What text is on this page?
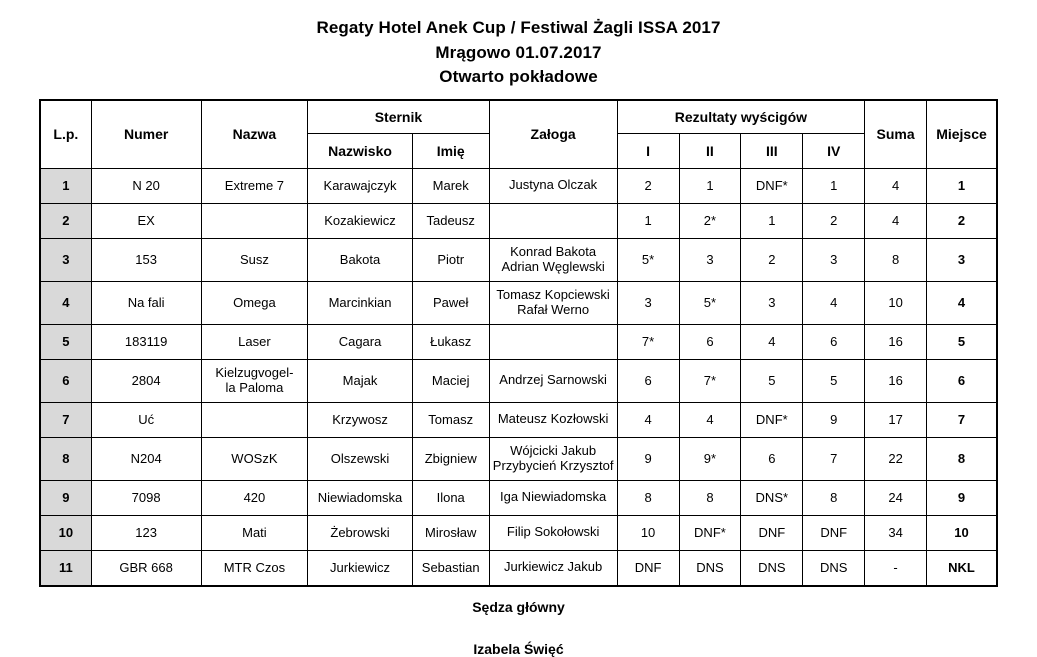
Regaty Hotel Anek Cup / Festiwal Żagli ISSA 2017
Mrągowo 01.07.2017
Otwarto pokładowe
L.p.	Numer	Nazwa	Sternik		Załoga	Rezultaty wyścigów				Suma	Miejsce
			Nazwisko	Imię		I	II	III	IV		
1	N 20	Extreme 7	Karawajczyk	Marek	Justyna Olczak	2	1	DNF*	1	4	1
2	EX		Kozakiewicz	Tadeusz		1	2*	1	2	4	2
3	153	Susz	Bakota	Piotr	Konrad Bakota
Adrian Węglewski	5*	3	2	3	8	3
4	Na fali	Omega	Marcinkian	Paweł	Tomasz Kopciewski
Rafał Werno	3	5*	3	4	10	4
5	183119	Laser	Cagara	Łukasz		7*	6	4	6	16	5
6	2804	Kielzugvogel-
la Paloma	Majak	Maciej	Andrzej Sarnowski	6	7*	5	5	16	6
7	Uć		Krzywosz	Tomasz	Mateusz Kozłowski	4	4	DNF*	9	17	7
8	N204	WOSzK	Olszewski	Zbigniew	Wójcicki Jakub
Przybycień Krzysztof	9	9*	6	7	22	8
9	7098	420	Niewiadomska	Ilona	Iga Niewiadomska	8	8	DNS*	8	24	9
10	123	Mati	Żebrowski	Mirosław	Filip Sokołowski	10	DNF*	DNF	DNF	34	10
11	GBR 668	MTR Czos	Jurkiewicz	Sebastian	Jurkiewicz Jakub	DNF	DNS	DNS	DNS	-	NKL
Sędza główny
Izabela Święć
